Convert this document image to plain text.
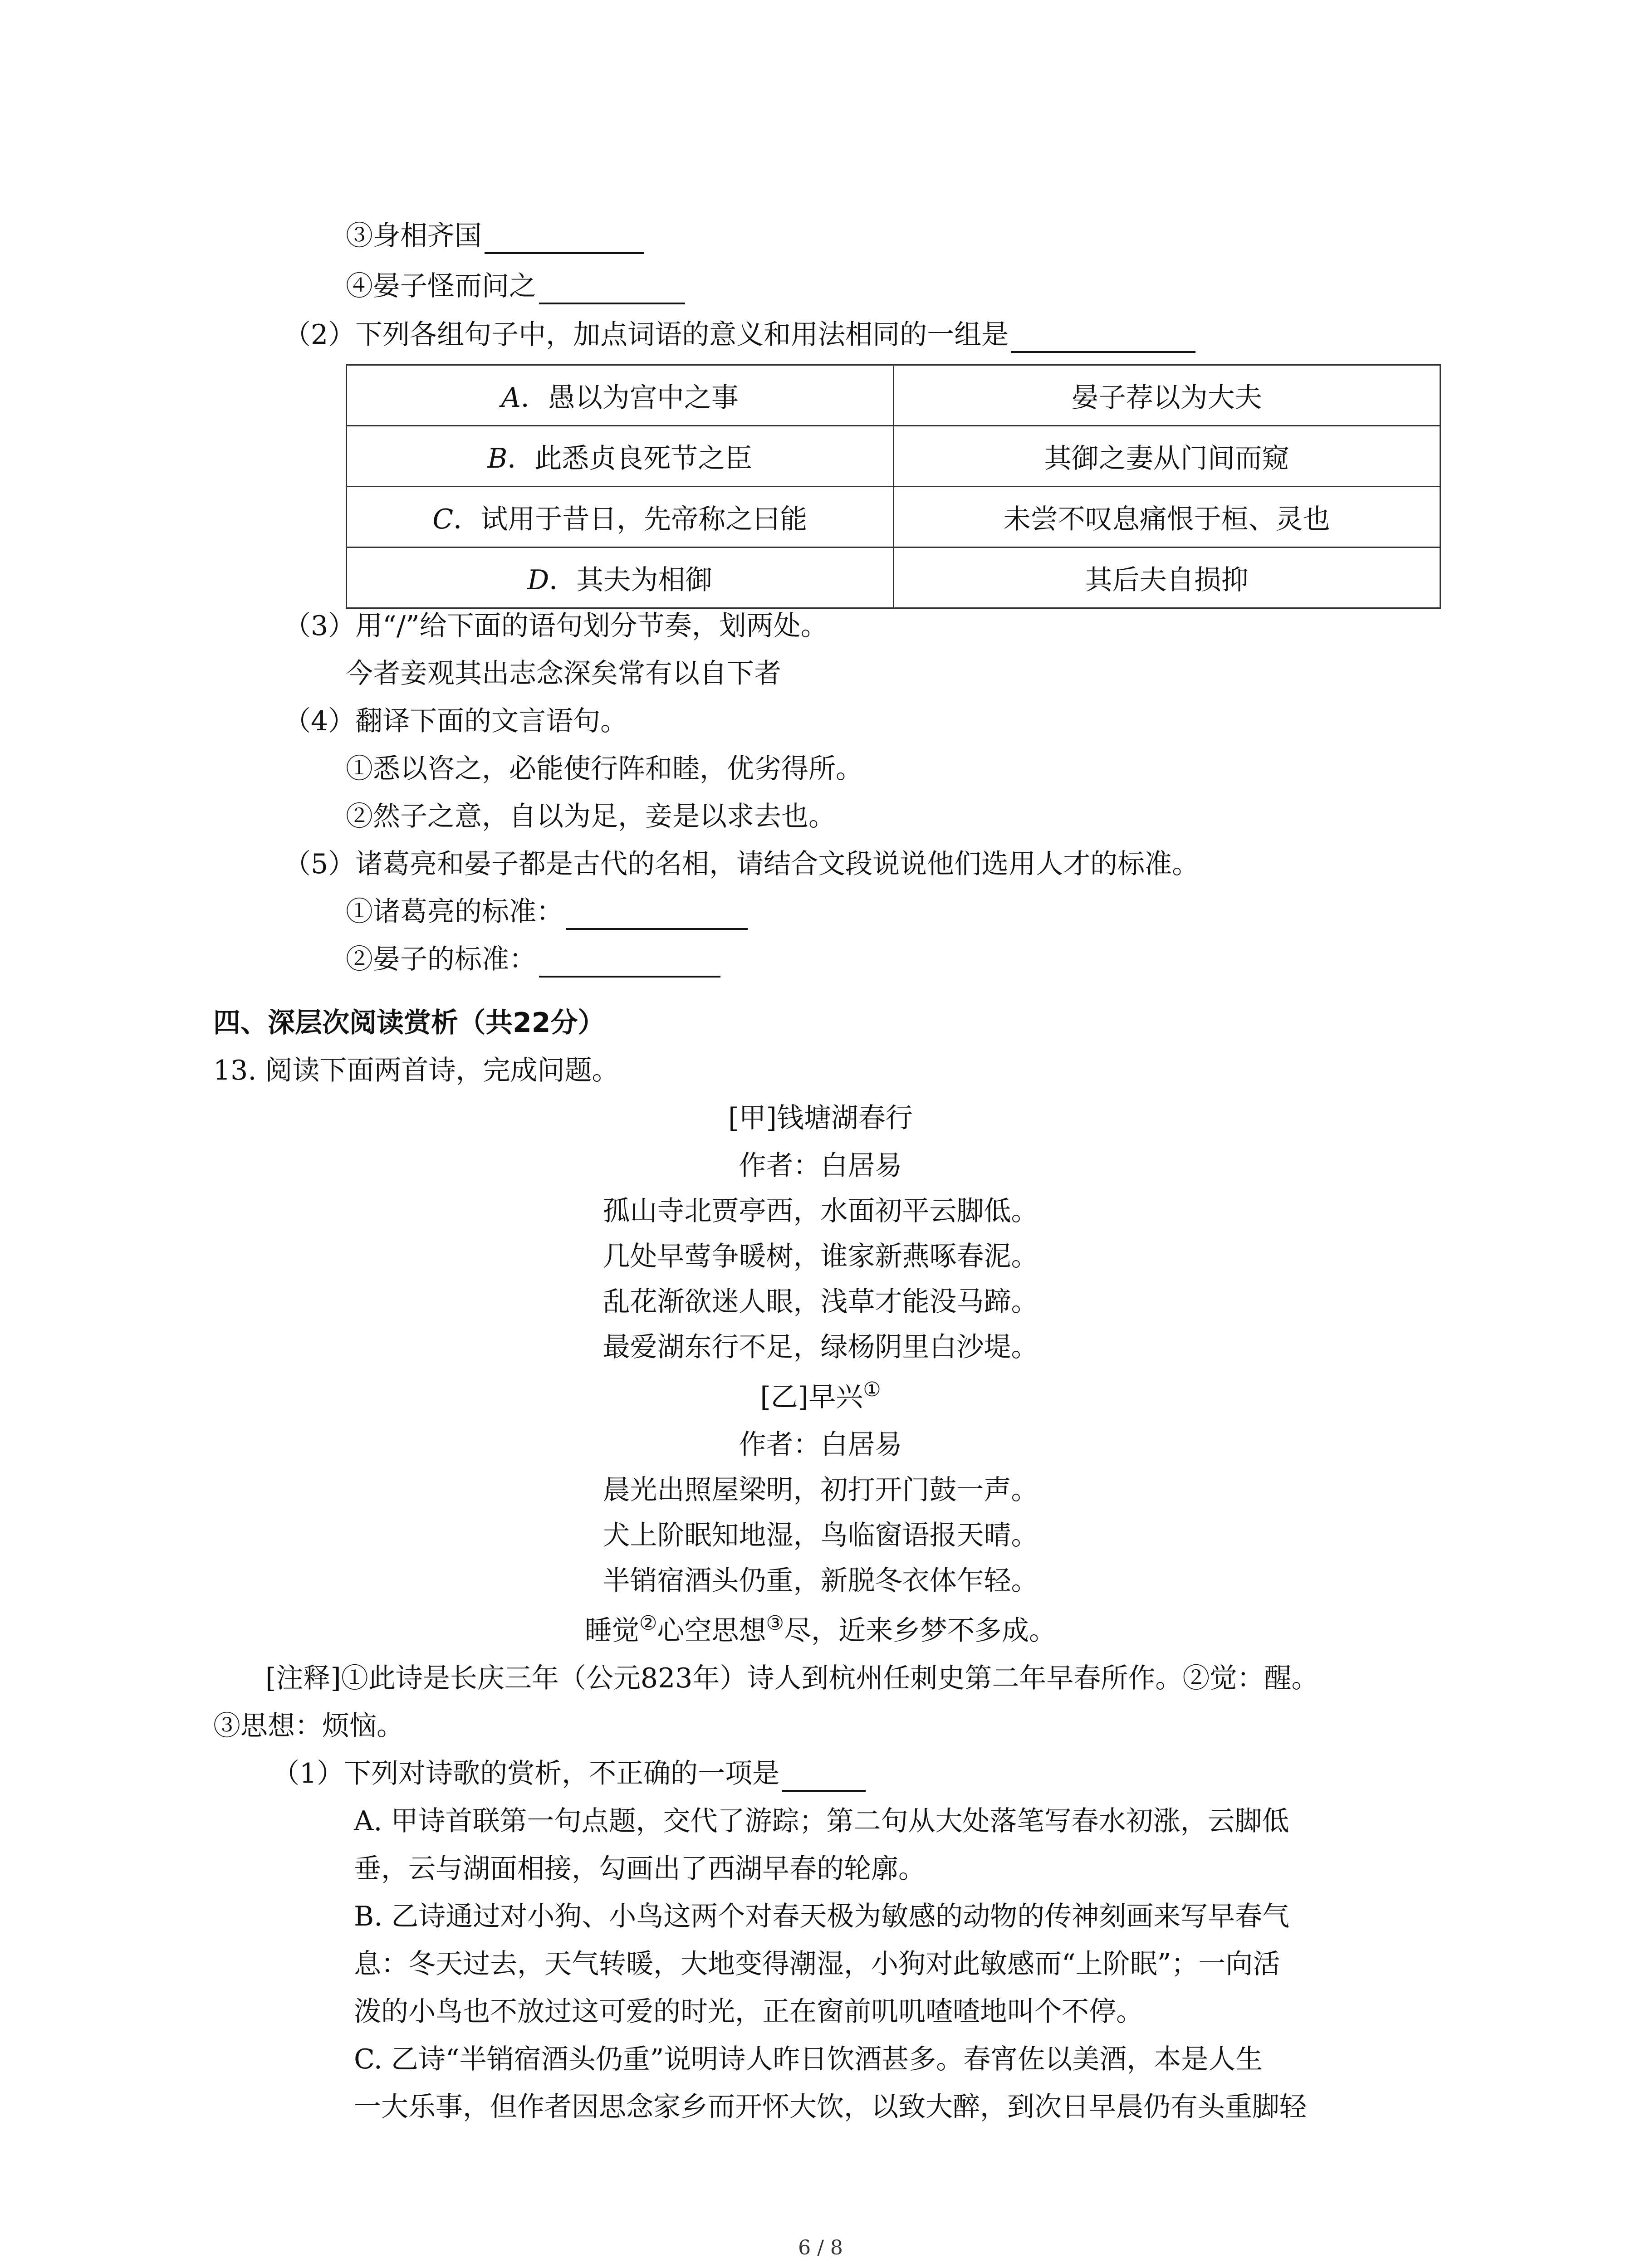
③身相齐国
④晏子怪而问之
（2）下列各组句子中，加点词语的意义和用法相同的一组是
A．愚以为宫中之事	晏子荐以为大夫
B．此悉贞良死节之臣	其御之妻从门间而窥
C．试用于昔日，先帝称之曰能	未尝不叹息痛恨于桓、灵也
D．其夫为相御	其后夫自损抑
（3）用“/”给下面的语句划分节奏，划两处。
今者妾观其出志念深矣常有以自下者
（4）翻译下面的文言语句。
①悉以咨之，必能使行阵和睦，优劣得所。
②然子之意，自以为足，妾是以求去也。
（5）诸葛亮和晏子都是古代的名相，请结合文段说说他们选用人才的标准。
①诸葛亮的标准：
②晏子的标准：
四、深层次阅读赏析（共22分）
13. 阅读下面两首诗，完成问题。
[甲]钱塘湖春行
作者：白居易
孤山寺北贾亭西，水面初平云脚低。
几处早莺争暖树，谁家新燕啄春泥。
乱花渐欲迷人眼，浅草才能没马蹄。
最爱湖东行不足，绿杨阴里白沙堤。
[乙]早兴①
作者：白居易
晨光出照屋梁明，初打开门鼓一声。
犬上阶眠知地湿，鸟临窗语报天晴。
半销宿酒头仍重，新脱冬衣体乍轻。
睡觉②心空思想③尽，近来乡梦不多成。
[注释]①此诗是长庆三年（公元823年）诗人到杭州任刺史第二年早春所作。②觉：醒。
③思想：烦恼。
（1）下列对诗歌的赏析，不正确的一项是
A. 甲诗首联第一句点题，交代了游踪；第二句从大处落笔写春水初涨，云脚低
垂，云与湖面相接，勾画出了西湖早春的轮廓。
B. 乙诗通过对小狗、小鸟这两个对春天极为敏感的动物的传神刻画来写早春气
息：冬天过去，天气转暖，大地变得潮湿，小狗对此敏感而“上阶眠”；一向活
泼的小鸟也不放过这可爱的时光，正在窗前叽叽喳喳地叫个不停。
C. 乙诗“半销宿酒头仍重”说明诗人昨日饮酒甚多。春宵佐以美酒，本是人生
一大乐事，但作者因思念家乡而开怀大饮，以致大醉，到次日早晨仍有头重脚轻
6 / 8
